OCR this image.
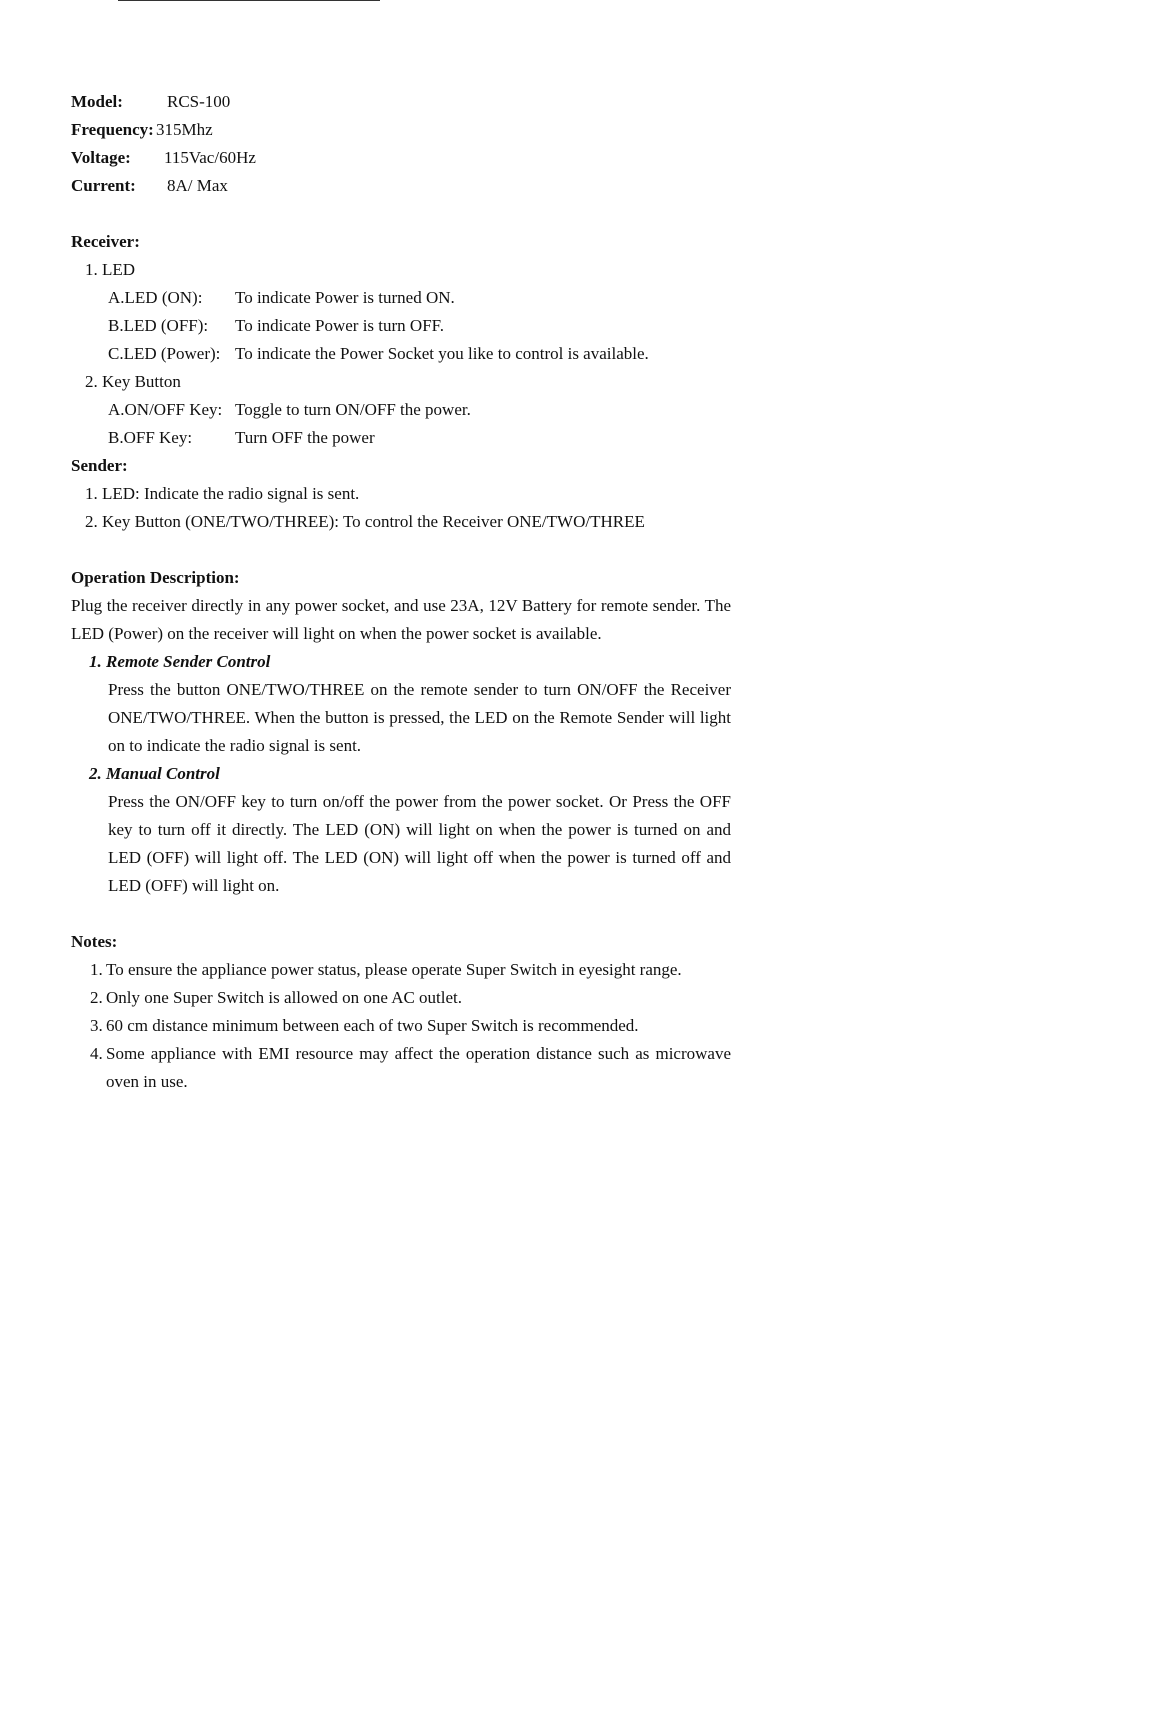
Model:	RCS-100
Frequency: 315Mhz
Voltage:	115Vac/60Hz
Current:	8A/ Max
Receiver:
1. LED
A.LED (ON):	To indicate Power is turned ON.
B.LED (OFF):	To indicate Power is turn OFF.
C.LED (Power): To indicate the Power Socket you like to control is available.
2. Key Button
A.ON/OFF Key: Toggle to turn ON/OFF the power.
B.OFF Key:	Turn OFF the power
Sender:
1. LED: Indicate the radio signal is sent.
2. Key Button (ONE/TWO/THREE): To control the Receiver ONE/TWO/THREE
Operation Description:
Plug the receiver directly in any power socket, and use 23A, 12V Battery for remote sender. The LED (Power) on the receiver will light on when the power socket is available.
1. Remote Sender Control
Press the button ONE/TWO/THREE on the remote sender to turn ON/OFF the Receiver ONE/TWO/THREE. When the button is pressed, the LED on the Remote Sender will light on to indicate the radio signal is sent.
2. Manual Control
Press the ON/OFF key to turn on/off the power from the power socket. Or Press the OFF key to turn off it directly. The LED (ON) will light on when the power is turned on and LED (OFF) will light off. The LED (ON) will light off when the power is turned off and LED (OFF) will light on.
Notes:
1. To ensure the appliance power status, please operate Super Switch in eyesight range.
2. Only one Super Switch is allowed on one AC outlet.
3. 60 cm distance minimum between each of two Super Switch is recommended.
4. Some appliance with EMI resource may affect the operation distance such as microwave oven in use.
